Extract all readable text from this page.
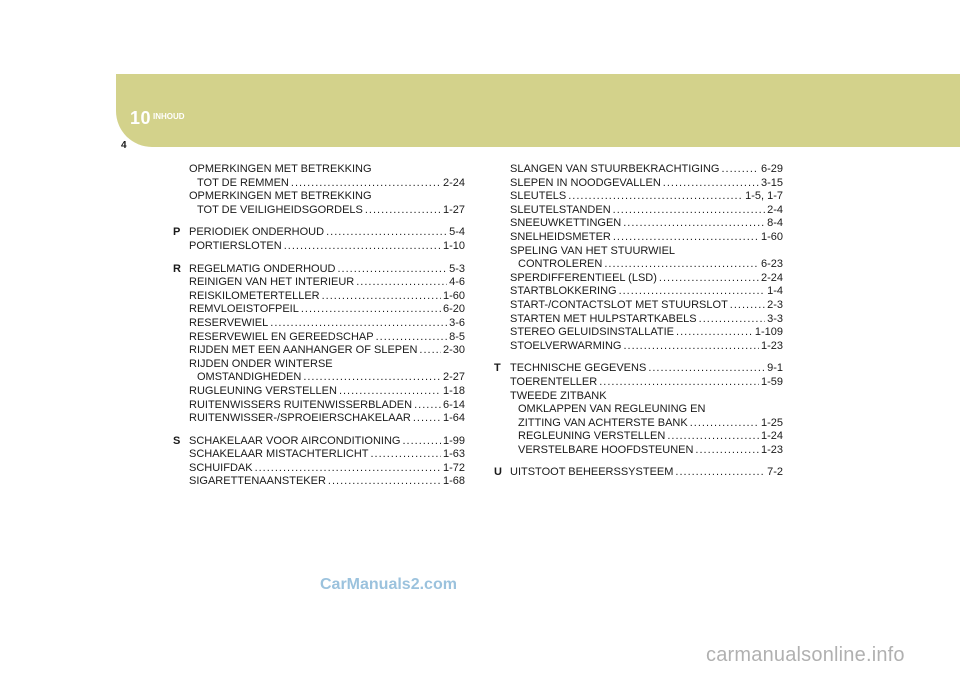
10 INHOUD
4
OPMERKINGEN MET BETREKKING
TOT DE REMMEN .....	2-24
OPMERKINGEN MET BETREKKING
TOT DE VEILIGHEIDSGORDELS .....	1-27
P PERIODIEK ONDERHOUD .....	5-4
PORTIERSLOTEN .....	1-10
R REGELMATIG ONDERHOUD .....	5-3
REINIGEN VAN HET INTERIEUR .....	4-6
REISKILOMETERTELLER .....	1-60
REMVLOEISTOFPEIL .....	6-20
RESERVEWIEL .....	3-6
RESERVEWIEL EN GEREEDSCHAP .....	8-5
RIJDEN MET EEN AANHANGER OF SLEPEN ..... 2-30
RIJDEN ONDER WINTERSE
OMSTANDIGHEDEN .....	2-27
RUGLEUNING VERSTELLEN .....	1-18
RUITENWISSERS RUITENWISSERBLADEN .....	6-14
RUITENWISSER-/SPROEIERSCHAKELAAR .....	1-64
S SCHAKELAAR VOOR AIRCONDITIONING .....	1-99
SCHAKELAAR MISTACHTERLICHT .....	1-63
SCHUIFDAK .....	1-72
SIGARETTENAANSTEKER .....	1-68
SLANGEN VAN STUURBEKRACHTIGING .....	6-29
SLEPEN IN NOODGEVALLEN .....	3-15
SLEUTELS .....	1-5, 1-7
SLEUTELSTANDEN .....	2-4
SNEEUWKETTINGEN .....	8-4
SNELHEIDSMETER .....	1-60
SPELING VAN HET STUURWIEL
CONTROLEREN .....	6-23
SPERDIFFERENTIEEL (LSD) .....	2-24
STARTBLOKKERING .....	1-4
START-/CONTACTSLOT MET STUURSLOT .....	2-3
STARTEN MET HULPSTARTKABELS .....	3-3
STEREO GELUIDSINSTALLATIE .....	1-109
STOELVERWARMING .....	1-23
T TECHNISCHE GEGEVENS .....	9-1
TOERENTELLER .....	1-59
TWEEDE ZITBANK
OMKLAPPEN VAN REGLEUNING EN
ZITTING VAN ACHTERSTE BANK .....	1-25
REGLEUNING VERSTELLEN .....	1-24
VERSTELBARE HOOFDSTEUNEN .....	1-23
U UITSTOOT BEHEERSSYSTEEM .....	7-2
CarManuals2.com
carmanualsonline.info
